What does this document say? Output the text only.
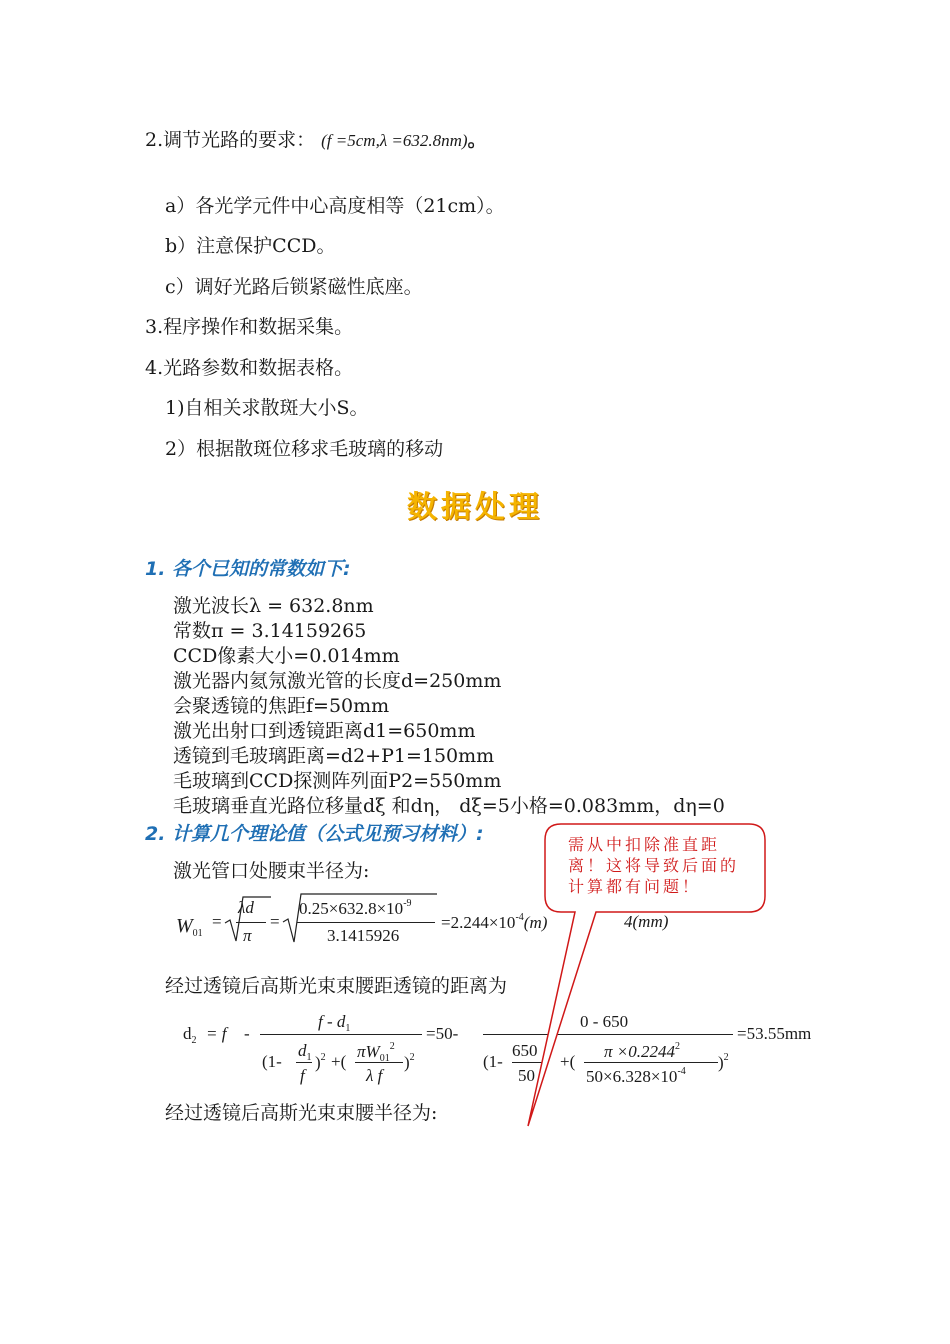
2.调节光路的要求： (f =5cm,λ =632.8nm)。
a）各光学元件中心高度相等（21cm）。
b）注意保护CCD。
c）调好光路后锁紧磁性底座。
3.程序操作和数据采集。
4.光路参数和数据表格。
1)自相关求散斑大小S。
2）根据散斑位移求毛玻璃的移动
数据处理
1. 各个已知的常数如下:
激光波长λ = 632.8nm
常数π = 3.14159265
CCD像素大小=0.014mm
激光器内氦氖激光管的长度d=250mm
会聚透镜的焦距f=50mm
激光出射口到透镜距离d1=650mm
透镜到毛玻璃距离=d2+P1=150mm
毛玻璃到CCD探测阵列面P2=550mm
毛玻璃垂直光路位移量dξ 和dη， dξ=5小格=0.083mm，dη=0
2. 计算几个理论值（公式见预习材料）:
激光管口处腰束半径为:
$W_{01}$
=
λd
π
=
$0.25\times 632.8\times 10^{-9}$
3.1415926
$=2.244\times 10^{-4}(m)$	4(mm)
经过透镜后高斯光束束腰距透镜的距离为
$d_2 = f$ -
f - $d_1$
(1-
$d_1$
f
)$^2$ +(
$\pi W_{01}^2$
λ f
)$^2$
=50-
0 - 650
(1-
650
50
+(
$\pi \times 0.2244^2$
$50\times 6.328\times 10^{-4}$ )$^2$
=53.55mm
经过透镜后高斯光束束腰半径为:
需从中扣除准直距离！这将导致后面的计算都有问题！
